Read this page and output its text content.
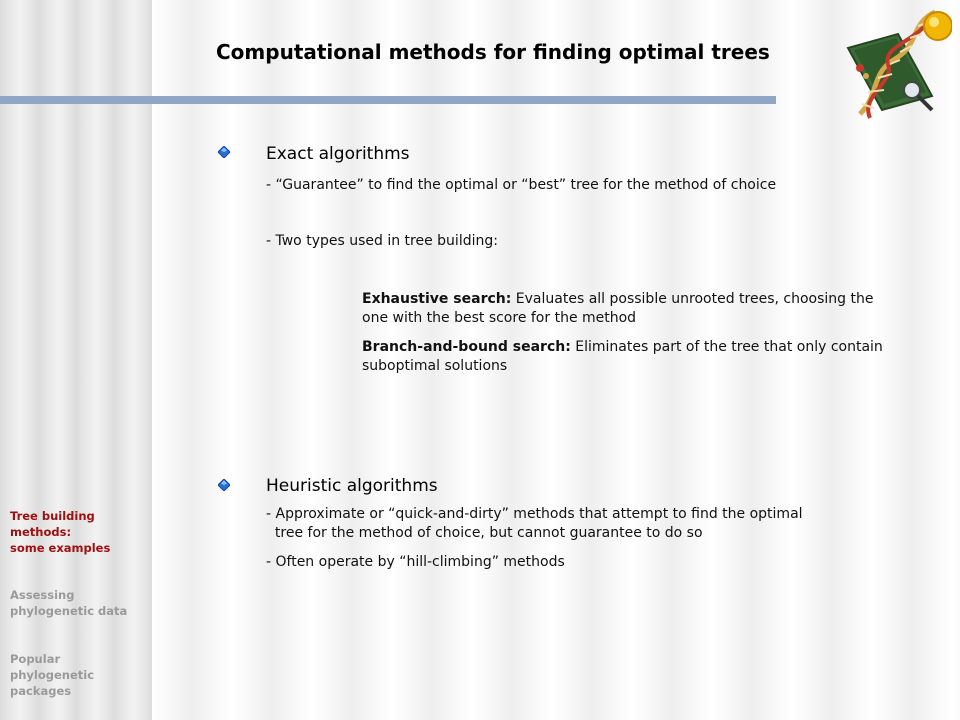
Computational methods for finding optimal trees
Exact algorithms
- “Guarantee” to find the optimal or “best” tree for the method of choice
- Two types used in tree building:
Exhaustive search: Evaluates all possible unrooted trees, choosing the one with the best score for the method
Branch-and-bound search: Eliminates part of the tree that only contain suboptimal solutions
Heuristic algorithms
- Approximate or “quick-and-dirty” methods that attempt to find the optimal
tree for the method of choice, but cannot guarantee to do so
- Often operate by “hill-climbing” methods
Tree building
methods:
some examples
Assessing
phylogenetic data
Popular
phylogenetic
packages
